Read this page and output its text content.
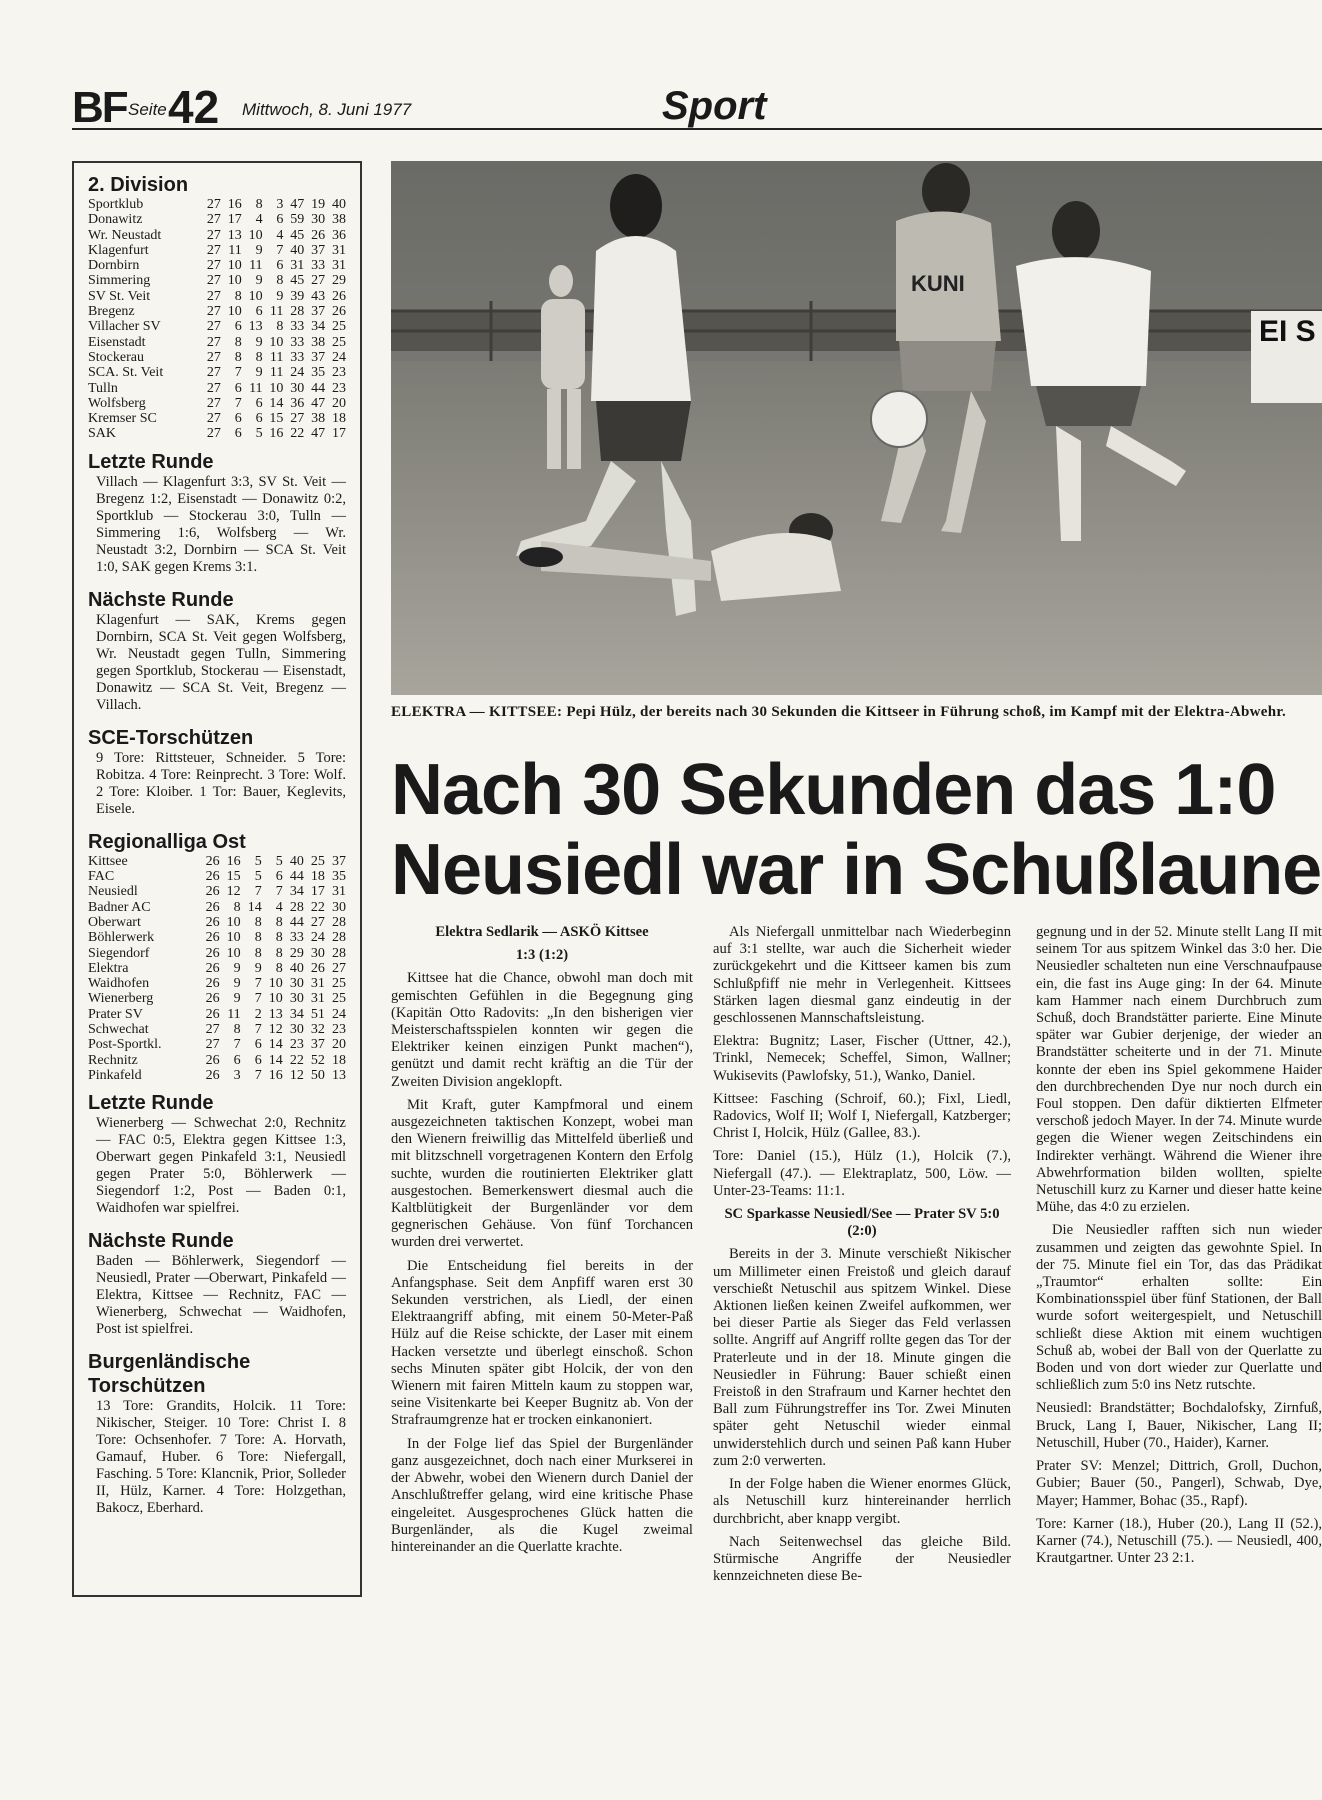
BF Seite 42 Mittwoch, 8. Juni 1977	Sport
2. Division
Sportklub	27	16	8	3	47	19	40
Donawitz	27	17	4	6	59	30	38
Wr. Neustadt	27	13	10	4	45	26	36
Klagenfurt	27	11	9	7	40	37	31
Dornbirn	27	10	11	6	31	33	31
Simmering	27	10	9	8	45	27	29
SV St. Veit	27	8	10	9	39	43	26
Bregenz	27	10	6	11	28	37	26
Villacher SV	27	6	13	8	33	34	25
Eisenstadt	27	8	9	10	33	38	25
Stockerau	27	8	8	11	33	37	24
SCA. St. Veit	27	7	9	11	24	35	23
Tulln	27	6	11	10	30	44	23
Wolfsberg	27	7	6	14	36	47	20
Kremser SC	27	6	6	15	27	38	18
SAK	27	6	5	16	22	47	17
Letzte Runde

Villach — Klagenfurt 3:3, SV St. Veit — Bregenz 1:2, Eisenstadt — Donawitz 0:2, Sportklub — Stockerau 3:0, Tulln — Simmering 1:6, Wolfsberg — Wr. Neustadt 3:2, Dornbirn — SCA St. Veit 1:0, SAK gegen Krems 3:1.

Nächste Runde

Klagenfurt — SAK, Krems gegen Dornbirn, SCA St. Veit gegen Wolfsberg, Wr. Neustadt gegen Tulln, Simmering gegen Sportklub, Stockerau — Eisenstadt, Donawitz — SCA St. Veit, Bregenz — Villach.

SCE-Torschützen

9 Tore: Rittsteuer, Schneider. 5 Tore: Robitza. 4 Tore: Reinprecht. 3 Tore: Wolf. 2 Tore: Kloiber. 1 Tor: Bauer, Keglevits, Eisele.

Regionalliga Ost
Kittsee	26	16	5	5	40	25	37
FAC	26	15	5	6	44	18	35
Neusiedl	26	12	7	7	34	17	31
Badner AC	26	8	14	4	28	22	30
Oberwart	26	10	8	8	44	27	28
Böhlerwerk	26	10	8	8	33	24	28
Siegendorf	26	10	8	8	29	30	28
Elektra	26	9	9	8	40	26	27
Waidhofen	26	9	7	10	30	31	25
Wienerberg	26	9	7	10	30	31	25
Prater SV	26	11	2	13	34	51	24
Schwechat	27	8	7	12	30	32	23
Post-Sportkl.	27	7	6	14	23	37	20
Rechnitz	26	6	6	14	22	52	18
Pinkafeld	26	3	7	16	12	50	13
Letzte Runde

Wienerberg — Schwechat 2:0, Rechnitz — FAC 0:5, Elektra gegen Kittsee 1:3, Oberwart gegen Pinkafeld 3:1, Neusiedl gegen Prater 5:0, Böhlerwerk — Siegendorf 1:2, Post — Baden 0:1, Waidhofen war spielfrei.

Nächste Runde

Baden — Böhlerwerk, Siegendorf — Neusiedl, Prater —Oberwart, Pinkafeld — Elektra, Kittsee — Rechnitz, FAC — Wienerberg, Schwechat — Waidhofen, Post ist spielfrei.

Burgenländische Torschützen

13 Tore: Grandits, Holcik. 11 Tore: Nikischer, Steiger. 10 Tore: Christ I. 8 Tore: Ochsenhofer. 7 Tore: A. Horvath, Gamauf, Huber. 6 Tore: Niefergall, Fasching. 5 Tore: Klancnik, Prior, Solleder II, Hülz, Karner. 4 Tore: Holzgethan, Bakocz, Eberhard.

EI S
KUNI
ELEKTRA — KITTSEE: Pepi Hülz, der bereits nach 30 Sekunden die Kittseer in Führung schoß, im Kampf mit der Elektra-Abwehr.
Nach 30 Sekunden das 1:0
Neusiedl war in Schußlaune

Elektra Sedlarik — ASKÖ Kittsee

1:3 (1:2)

Kittsee hat die Chance, obwohl man doch mit gemischten Gefühlen in die Begegnung ging (Kapitän Otto Radovits: „In den bisherigen vier Meisterschaftsspielen konnten wir gegen die Elektriker keinen einzigen Punkt machen“), genützt und damit recht kräftig an die Tür der Zweiten Division angeklopft.

Mit Kraft, guter Kampfmoral und einem ausgezeichneten taktischen Konzept, wobei man den Wienern freiwillig das Mittelfeld überließ und mit blitzschnell vorgetragenen Kontern den Erfolg suchte, wurden die routinierten Elektriker glatt ausgestochen. Bemerkenswert diesmal auch die Kaltblütigkeit der Burgenländer vor dem gegnerischen Gehäuse. Von fünf Torchancen wurden drei verwertet.

Die Entscheidung fiel bereits in der Anfangsphase. Seit dem Anpfiff waren erst 30 Sekunden verstrichen, als Liedl, der einen Elektraangriff abfing, mit einem 50-Meter-Paß Hülz auf die Reise schickte, der Laser mit einem Hacken versetzte und überlegt einschoß. Schon sechs Minuten später gibt Holcik, der von den Wienern mit fairen Mitteln kaum zu stoppen war, seine Visitenkarte bei Keeper Bugnitz ab. Von der Strafraumgrenze hat er trocken einkanoniert.

In der Folge lief das Spiel der Burgenländer ganz ausgezeichnet, doch nach einer Murkserei in der Abwehr, wobei den Wienern durch Daniel der Anschlußtreffer gelang, wird eine kritische Phase eingeleitet. Ausgesprochenes Glück hatten die Burgenländer, als die Kugel zweimal hintereinander an die Querlatte krachte.

Als Niefergall unmittelbar nach Wiederbeginn auf 3:1 stellte, war auch die Sicherheit wieder zurückgekehrt und die Kittseer kamen bis zum Schlußpfiff nie mehr in Verlegenheit. Kittsees Stärken lagen diesmal ganz eindeutig in der geschlossenen Mannschaftsleistung.

Elektra: Bugnitz; Laser, Fischer (Uttner, 42.), Trinkl, Nemecek; Scheffel, Simon, Wallner; Wukisevits (Pawlofsky, 51.), Wanko, Daniel.

Kittsee: Fasching (Schroif, 60.); Fixl, Liedl, Radovics, Wolf II; Wolf I, Niefergall, Katzberger; Christ I, Holcik, Hülz (Gallee, 83.).

Tore: Daniel (15.), Hülz (1.), Holcik (7.), Niefergall (47.). — Elektraplatz, 500, Löw. — Unter-23-Teams: 11:1.

SC Sparkasse Neusiedl/See — Prater SV 5:0 (2:0)

Bereits in der 3. Minute verschießt Nikischer um Millimeter einen Freistoß und gleich darauf verschießt Netuschil aus spitzem Winkel. Diese Aktionen ließen keinen Zweifel aufkommen, wer bei dieser Partie als Sieger das Feld verlassen sollte. Angriff auf Angriff rollte gegen das Tor der Praterleute und in der 18. Minute gingen die Neusiedler in Führung: Bauer schießt einen Freistoß in den Strafraum und Karner hechtet den Ball zum Führungstreffer ins Tor. Zwei Minuten später geht Netuschil wieder einmal unwiderstehlich durch und seinen Paß kann Huber zum 2:0 verwerten.

In der Folge haben die Wiener enormes Glück, als Netuschill kurz hintereinander herrlich durchbricht, aber knapp vergibt.

Nach Seitenwechsel das gleiche Bild. Stürmische Angriffe der Neusiedler kennzeichneten diese Be-

gegnung und in der 52. Minute stellt Lang II mit seinem Tor aus spitzem Winkel das 3:0 her. Die Neusiedler schalteten nun eine Verschnaufpause ein, die fast ins Auge ging: In der 64. Minute kam Hammer nach einem Durchbruch zum Schuß, doch Brandstätter parierte. Eine Minute später war Gubier derjenige, der wieder an Brandstätter scheiterte und in der 71. Minute konnte der eben ins Spiel gekommene Haider den durchbrechenden Dye nur noch durch ein Foul stoppen. Den dafür diktierten Elfmeter verschoß jedoch Mayer. In der 74. Minute wurde gegen die Wiener wegen Zeitschindens ein Indirekter verhängt. Während die Wiener ihre Abwehrformation bilden wollten, spielte Netuschill kurz zu Karner und dieser hatte keine Mühe, das 4:0 zu erzielen.

Die Neusiedler rafften sich nun wieder zusammen und zeigten das gewohnte Spiel. In der 75. Minute fiel ein Tor, das das Prädikat „Traumtor“ erhalten sollte: Ein Kombinationsspiel über fünf Stationen, der Ball wurde sofort weitergespielt, und Netuschill schließt diese Aktion mit einem wuchtigen Schuß ab, wobei der Ball von der Querlatte zu Boden und von dort wieder zur Querlatte und schließlich zum 5:0 ins Netz rutschte.

Neusiedl: Brandstätter; Bochdalofsky, Zirnfuß, Bruck, Lang I, Bauer, Nikischer, Lang II; Netuschill, Huber (70., Haider), Karner.

Prater SV: Menzel; Dittrich, Groll, Duchon, Gubier; Bauer (50., Pangerl), Schwab, Dye, Mayer; Hammer, Bohac (35., Rapf).

Tore: Karner (18.), Huber (20.), Lang II (52.), Karner (74.), Netuschill (75.). — Neusiedl, 400, Krautgartner. Unter 23 2:1.
